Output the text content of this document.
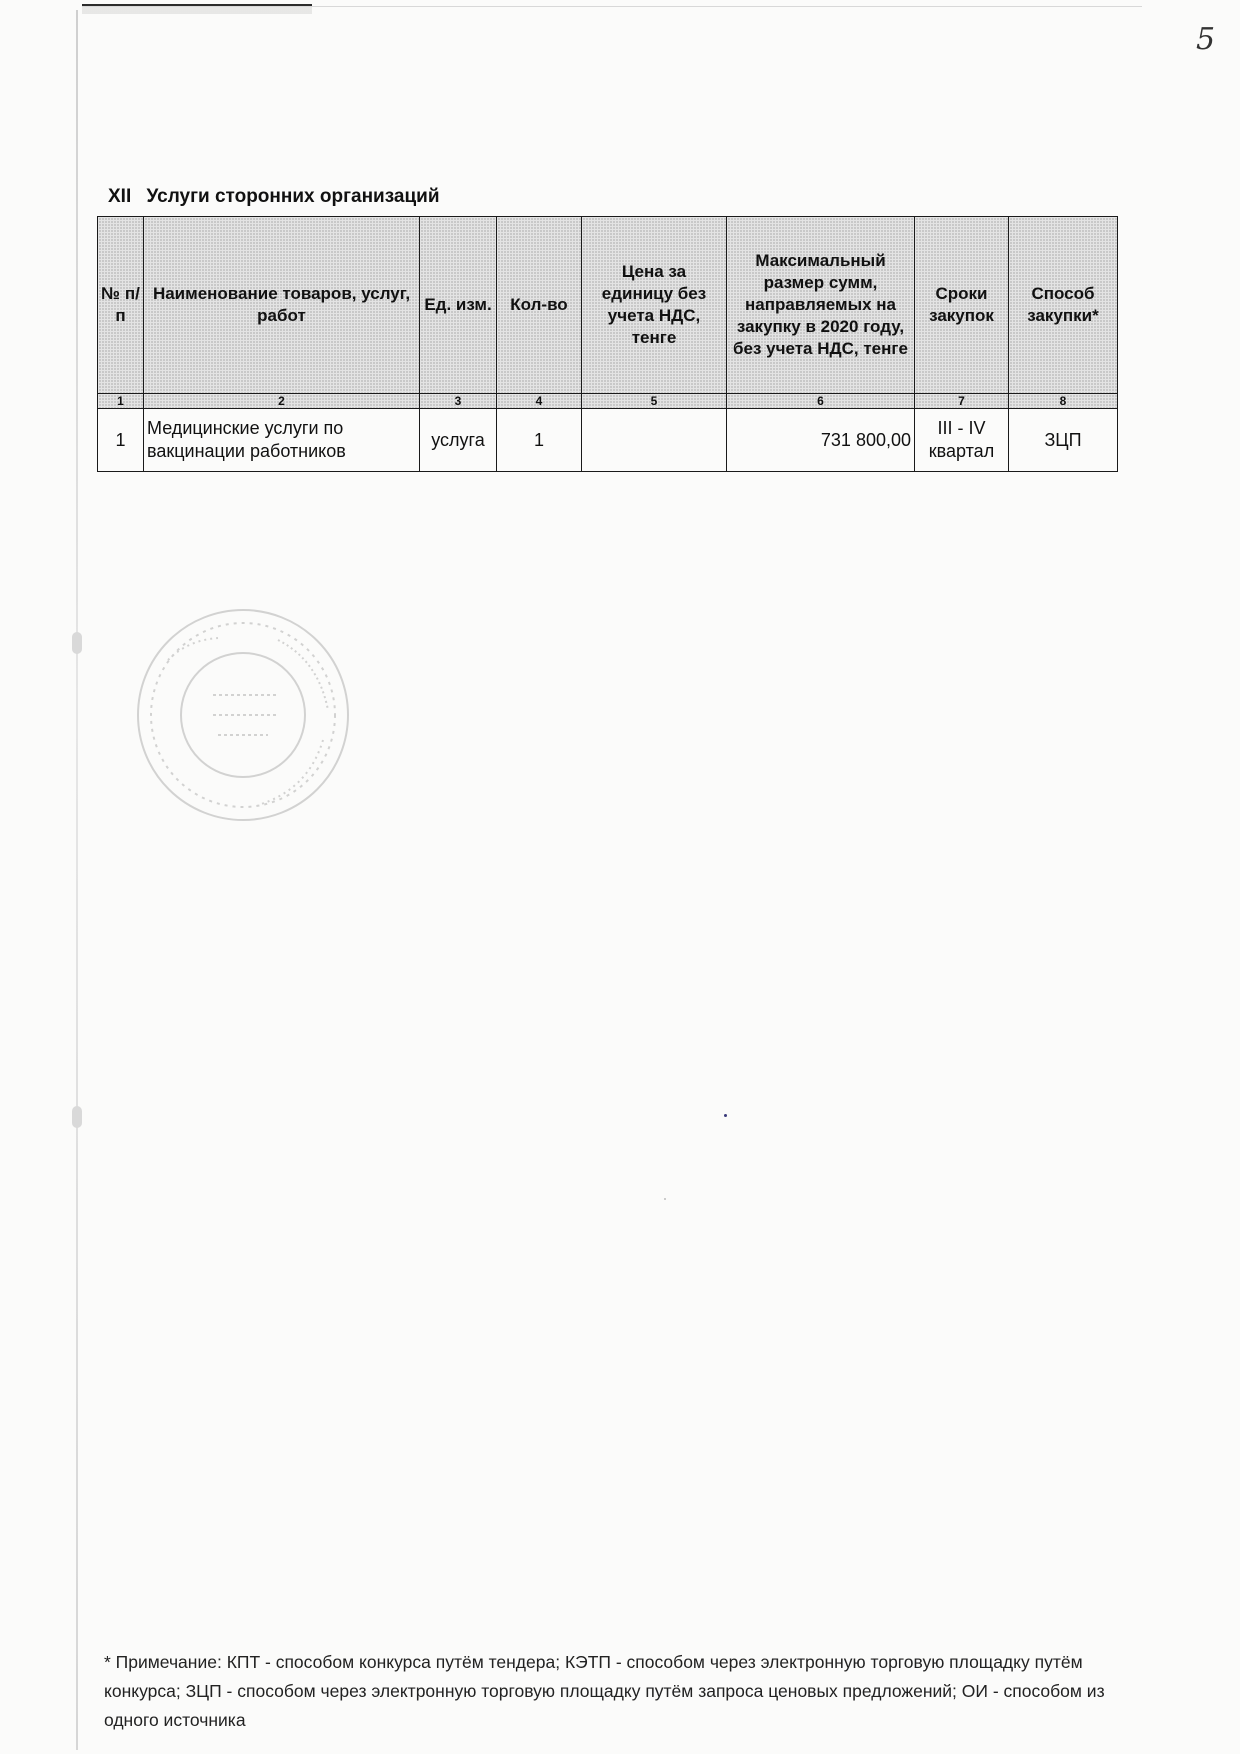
5
XII Услуги сторонних организаций
№ п/п	Наименование товаров, услуг, работ	Ед. изм.	Кол-во	Цена за единицу без учета НДС, тенге	Максимальный размер сумм, направляемых на закупку в 2020 году, без учета НДС, тенге	Сроки закупок	Способ закупки*
1	2	3	4	5	6	7	8
1	Медицинские услуги по вакцинации работников	услуга	1		731 800,00	III - IV квартал	ЗЦП
* Примечание: КПТ - способом конкурса путём тендера; КЭТП - способом через электронную торговую площадку путём конкурса; ЗЦП - способом через электронную торговую площадку путём запроса ценовых предложений; ОИ - способом из одного источника
